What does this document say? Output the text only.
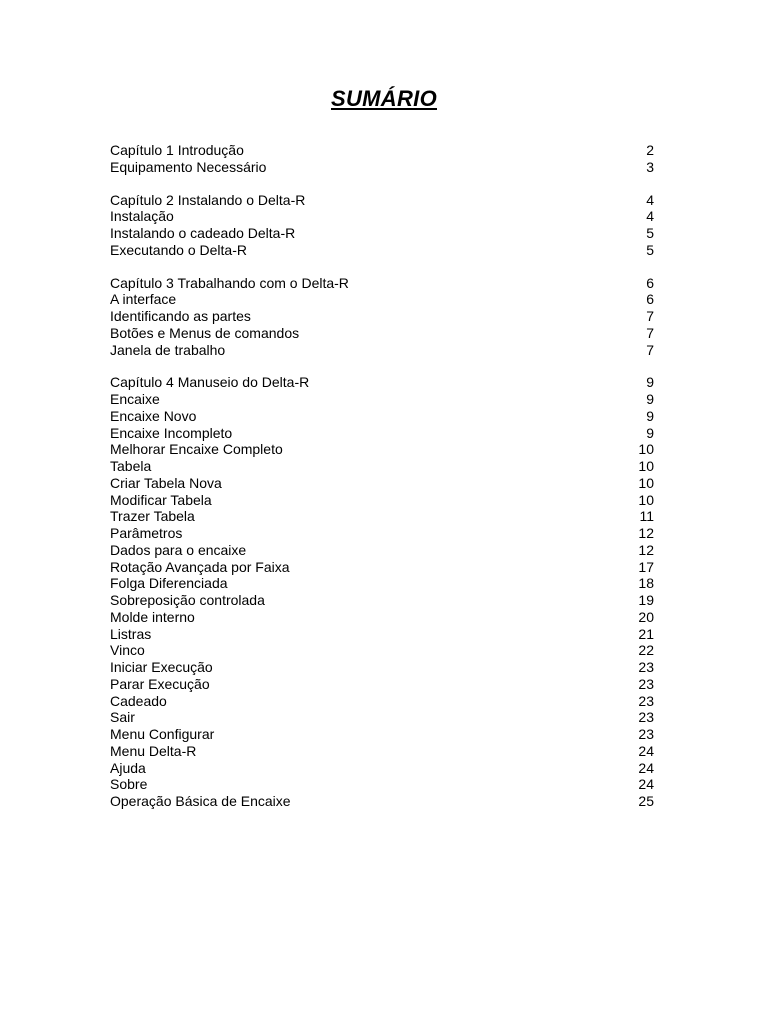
SUMÁRIO
Capítulo 1 Introdução	2
Equipamento Necessário	3
Capítulo 2 Instalando o Delta-R	4
Instalação	4
Instalando o cadeado Delta-R	5
Executando o Delta-R	5
Capítulo 3 Trabalhando com o Delta-R	6
A interface	6
Identificando as partes	7
Botões e Menus de comandos	7
Janela de trabalho	7
Capítulo 4 Manuseio do Delta-R	9
Encaixe	9
Encaixe Novo	9
Encaixe Incompleto	9
Melhorar Encaixe Completo	10
Tabela	10
Criar Tabela Nova	10
Modificar Tabela	10
Trazer Tabela	11
Parâmetros	12
Dados para o encaixe	12
Rotação Avançada por Faixa	17
Folga Diferenciada	18
Sobreposição controlada	19
Molde interno	20
Listras	21
Vinco	22
Iniciar Execução	23
Parar Execução	23
Cadeado	23
Sair	23
Menu Configurar	23
Menu Delta-R	24
Ajuda	24
Sobre	24
Operação Básica de Encaixe	25
